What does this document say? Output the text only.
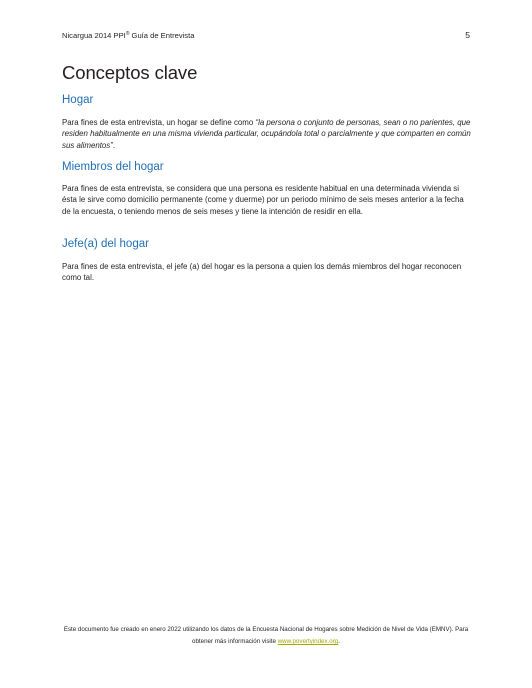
Nicargua 2014 PPI® Guía de Entrevista	5
Conceptos clave
Hogar

Para fines de esta entrevista, un hogar se define como “la persona o conjunto de personas, sean o no parientes, que residen habitualmente en una misma vivienda particular, ocupándola total o parcialmente y que comparten en común sus alimentos”.

Miembros del hogar

Para fines de esta entrevista, se considera que una persona es residente habitual en una determinada vivienda si ésta le sirve como domicilio permanente (come y duerme) por un periodo mínimo de seis meses anterior a la fecha de la encuesta, o teniendo menos de seis meses y tiene la intención de residir en ella.

Jefe(a) del hogar

Para fines de esta entrevista, el jefe (a) del hogar es la persona a quien los demás miembros del hogar reconocen como tal.

Este documento fue creado en enero 2022 utilizando los datos de la Encuesta Nacional de Hogares sobre Medición de Nivel de Vida (EMNV). Para obtener más información visite www.povertyindex.org.
